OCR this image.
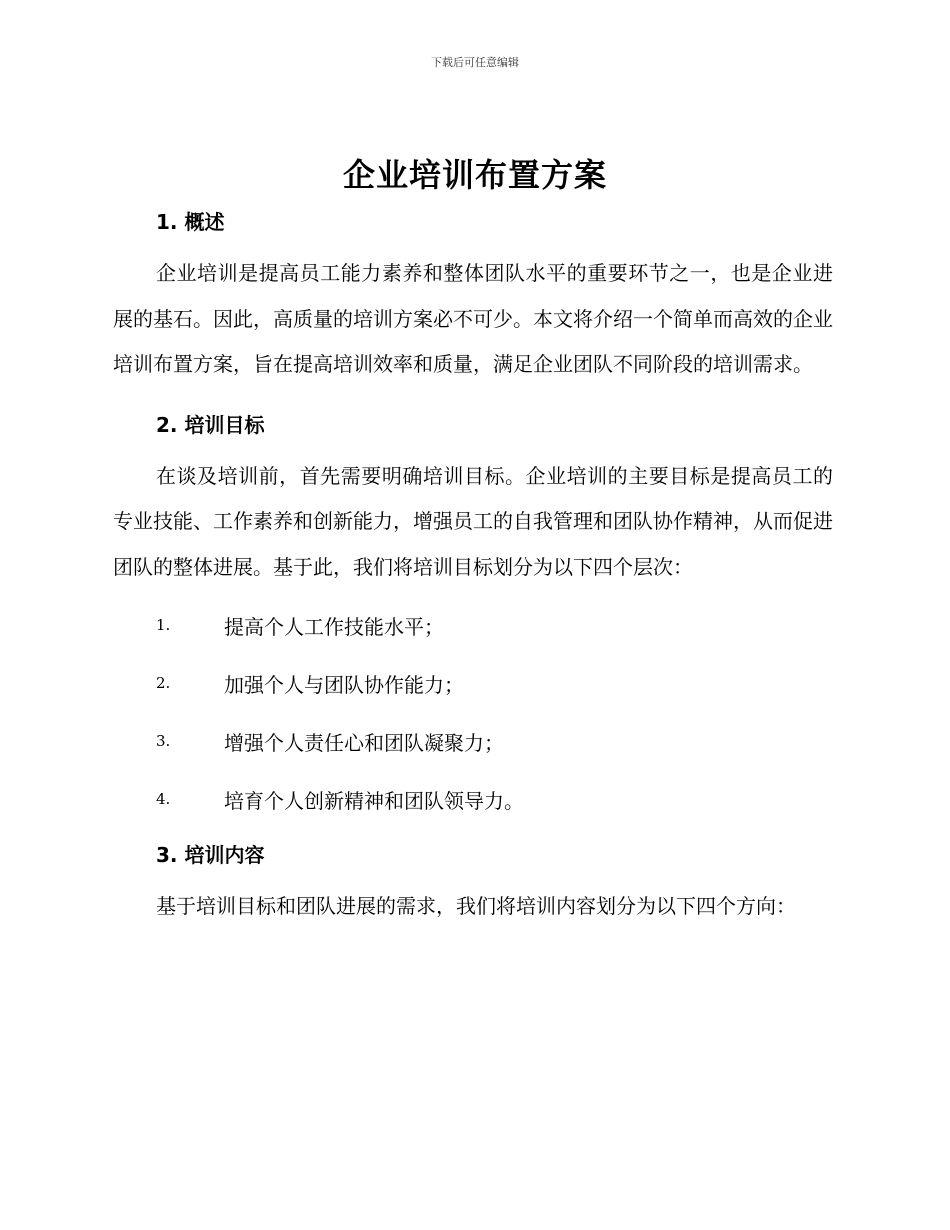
下载后可任意编辑
企业培训布置方案
1. 概述

企业培训是提高员工能力素养和整体团队水平的重要环节之一，也是企业进展的基石。因此，高质量的培训方案必不可少。本文将介绍一个简单而高效的企业培训布置方案，旨在提高培训效率和质量，满足企业团队不同阶段的培训需求。

2. 培训目标

在谈及培训前，首先需要明确培训目标。企业培训的主要目标是提高员工的专业技能、工作素养和创新能力，增强员工的自我管理和团队协作精神，从而促进团队的整体进展。基于此，我们将培训目标划分为以下四个层次：

1.	提高个人工作技能水平；
2.	加强个人与团队协作能力；
3.	增强个人责任心和团队凝聚力；
4.	培育个人创新精神和团队领导力。
3. 培训内容

基于培训目标和团队进展的需求，我们将培训内容划分为以下四个方向：
